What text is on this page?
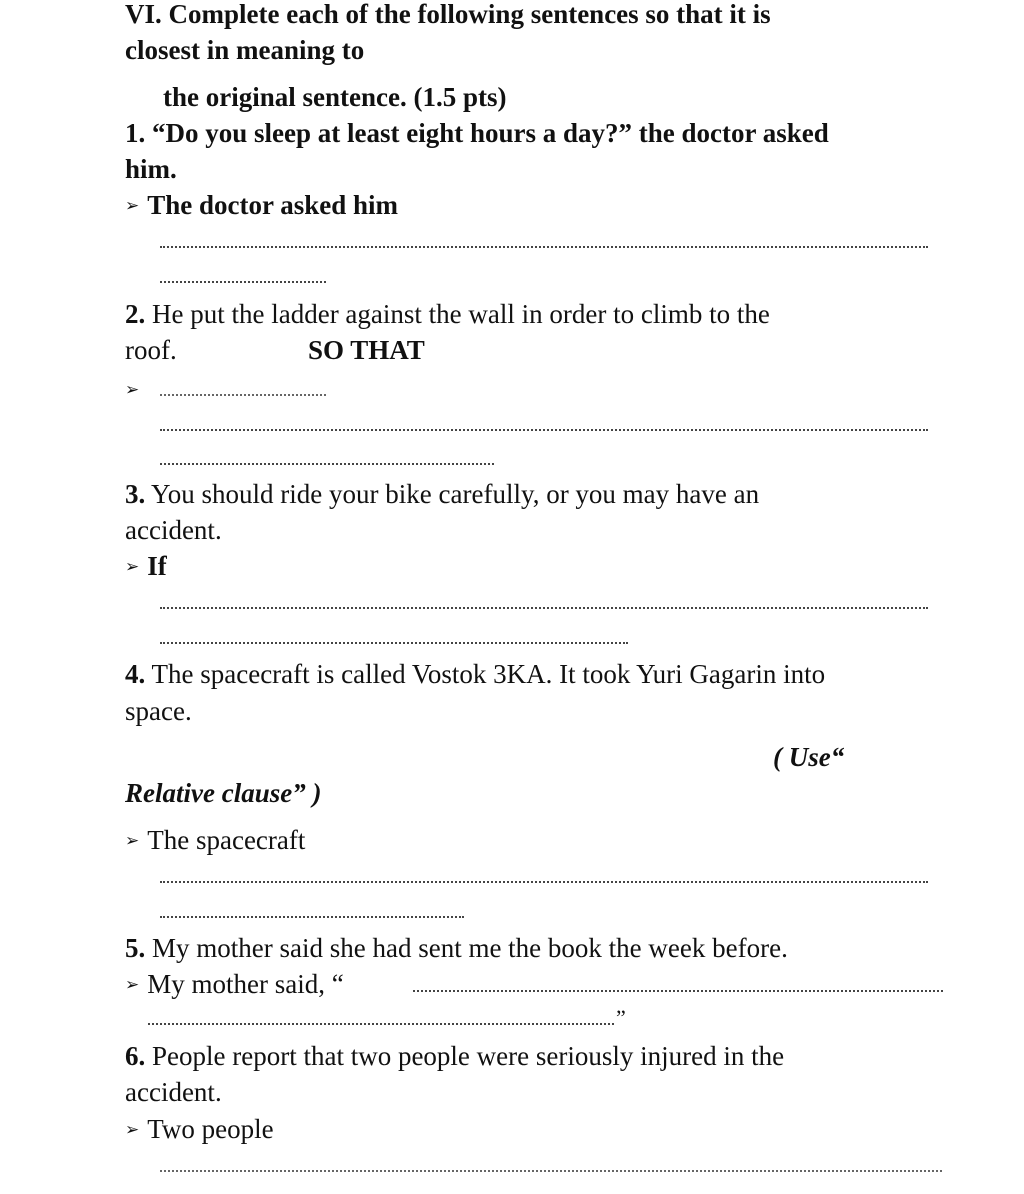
VI. Complete each of the following sentences so that it is

closest in meaning to

the original sentence. (1.5 pts)

1. “Do you sleep at least eight hours a day?” the doctor asked

him.

➢ The doctor asked him

2. He put the ladder against the wall in order to climb to the

roof.	SO THAT

➢

3. You should ride your bike carefully, or you may have an

accident.

➢ If

4. The spacecraft is called Vostok 3KA. It took Yuri Gagarin into

space.

( Use“

Relative clause” )

➢ The spacecraft

5. My mother said she had sent me the book the week before.

➢ My mother said, “

”

6. People report that two people were seriously injured in the

accident.

➢ Two people
